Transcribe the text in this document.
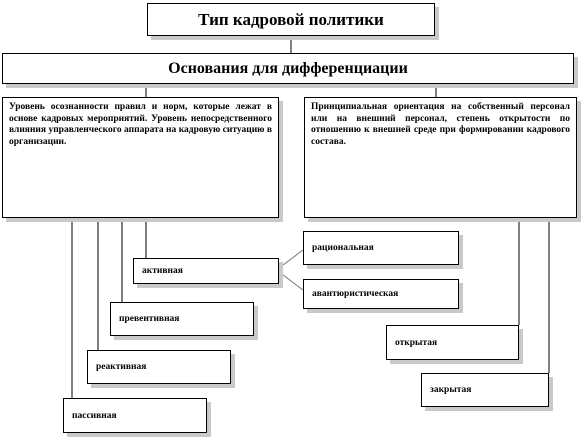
Тип кадровой политики
Основания для дифференциации
Уровень осознанности правил и норм, которые лежат в основе кадровых мероприятий. Уровень непосредственного влияния управленческого аппарата на кадровую ситуацию в организации.
Принципиальная ориентация на собственный персонал или на внешний персонал, степень открытости по отношению к внешней среде при формировании кадрового состава.
активная
рациональная
авантюристическая
превентивная
реактивная
пассивная
открытая
закрытая
